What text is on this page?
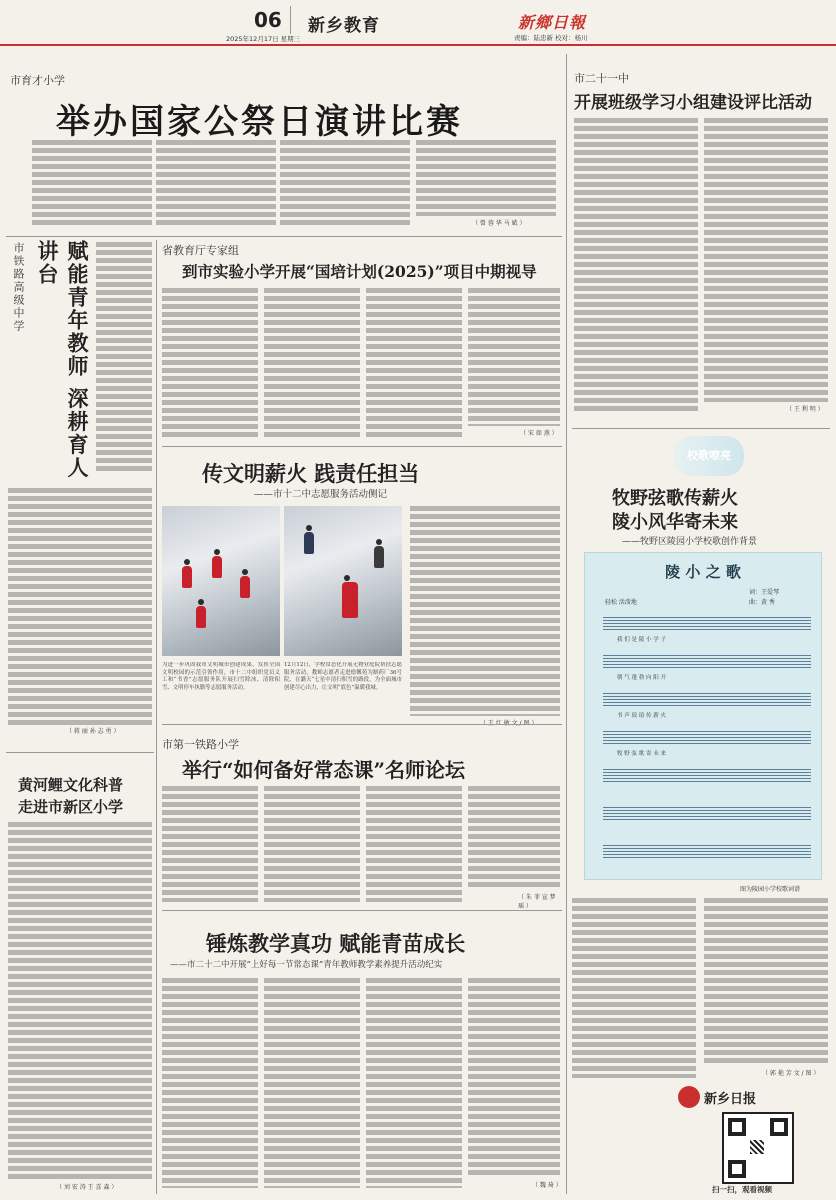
06 新乡教育
2025年12月17日 星期三
新鄉日報
责编：陆忠新 校对：杨川
市育才小学
举办国家公祭日演讲比赛
（ 曾 蓉 华 马 斌 ）
市二十一中
开展班级学习小组建设评比活动
（ 王 利 明 ）
市铁路高级中学	赋能青年教师 深耕育人讲台
（ 蒋 丽 孙 志 勇 ）
省教育厅专家组
到市实验小学开展“国培计划(2025)”项目中期视导
（ 宋 如 燕 ）
传文明薪火 践责任担当
——市十二中志愿服务活动侧记
为进一步巩固我市文明城市创建成果，发挥全国文明校园的示范引领作用，市十二中组织党员义工和“书香”志愿服务队开展扫雪除冰、清除积雪、文明停车执勤等志愿服务活动。
12月12日，学校常态化开展无物业庭院帮扶志愿服务活动，教师志愿者走进德馨苑为制药厂36号院、在潞天“七星中清扫积雪的路段，为全面城市创建尽心出力，让文明“底色”温暖我城。
校歌嘹亮
牧野弦歌传薪火
陵小风华寄未来
——牧野区陵园小学校歌创作背景
陵 小 之 歌
词：王爱琴
曲：黄 秀
轻松 活泼地
我 们 是 陵 小 学 子
朝 气 蓬 勃 向 阳 开
书 声 琅 琅 传 薪 火
牧 野 弦 歌 寄 未 来
图为陵园小学校歌词谱
（ 郭 艳 芳 文 / 图 ）
新乡日报
扫一扫，观看视频
市第一铁路小学
举行“如何备好常态课”名师论坛
（ 朱 菲 宣 梦 瑶 ）
黄河鲤文化科普
走进市新区小学
（ 刘 宏 涛 王 喜 森 ）
锤炼教学真功 赋能青苗成长
——市二十二中开展“上好每一节常态课”青年教师教学素养提升活动纪实
（ 魏 琦 ）
